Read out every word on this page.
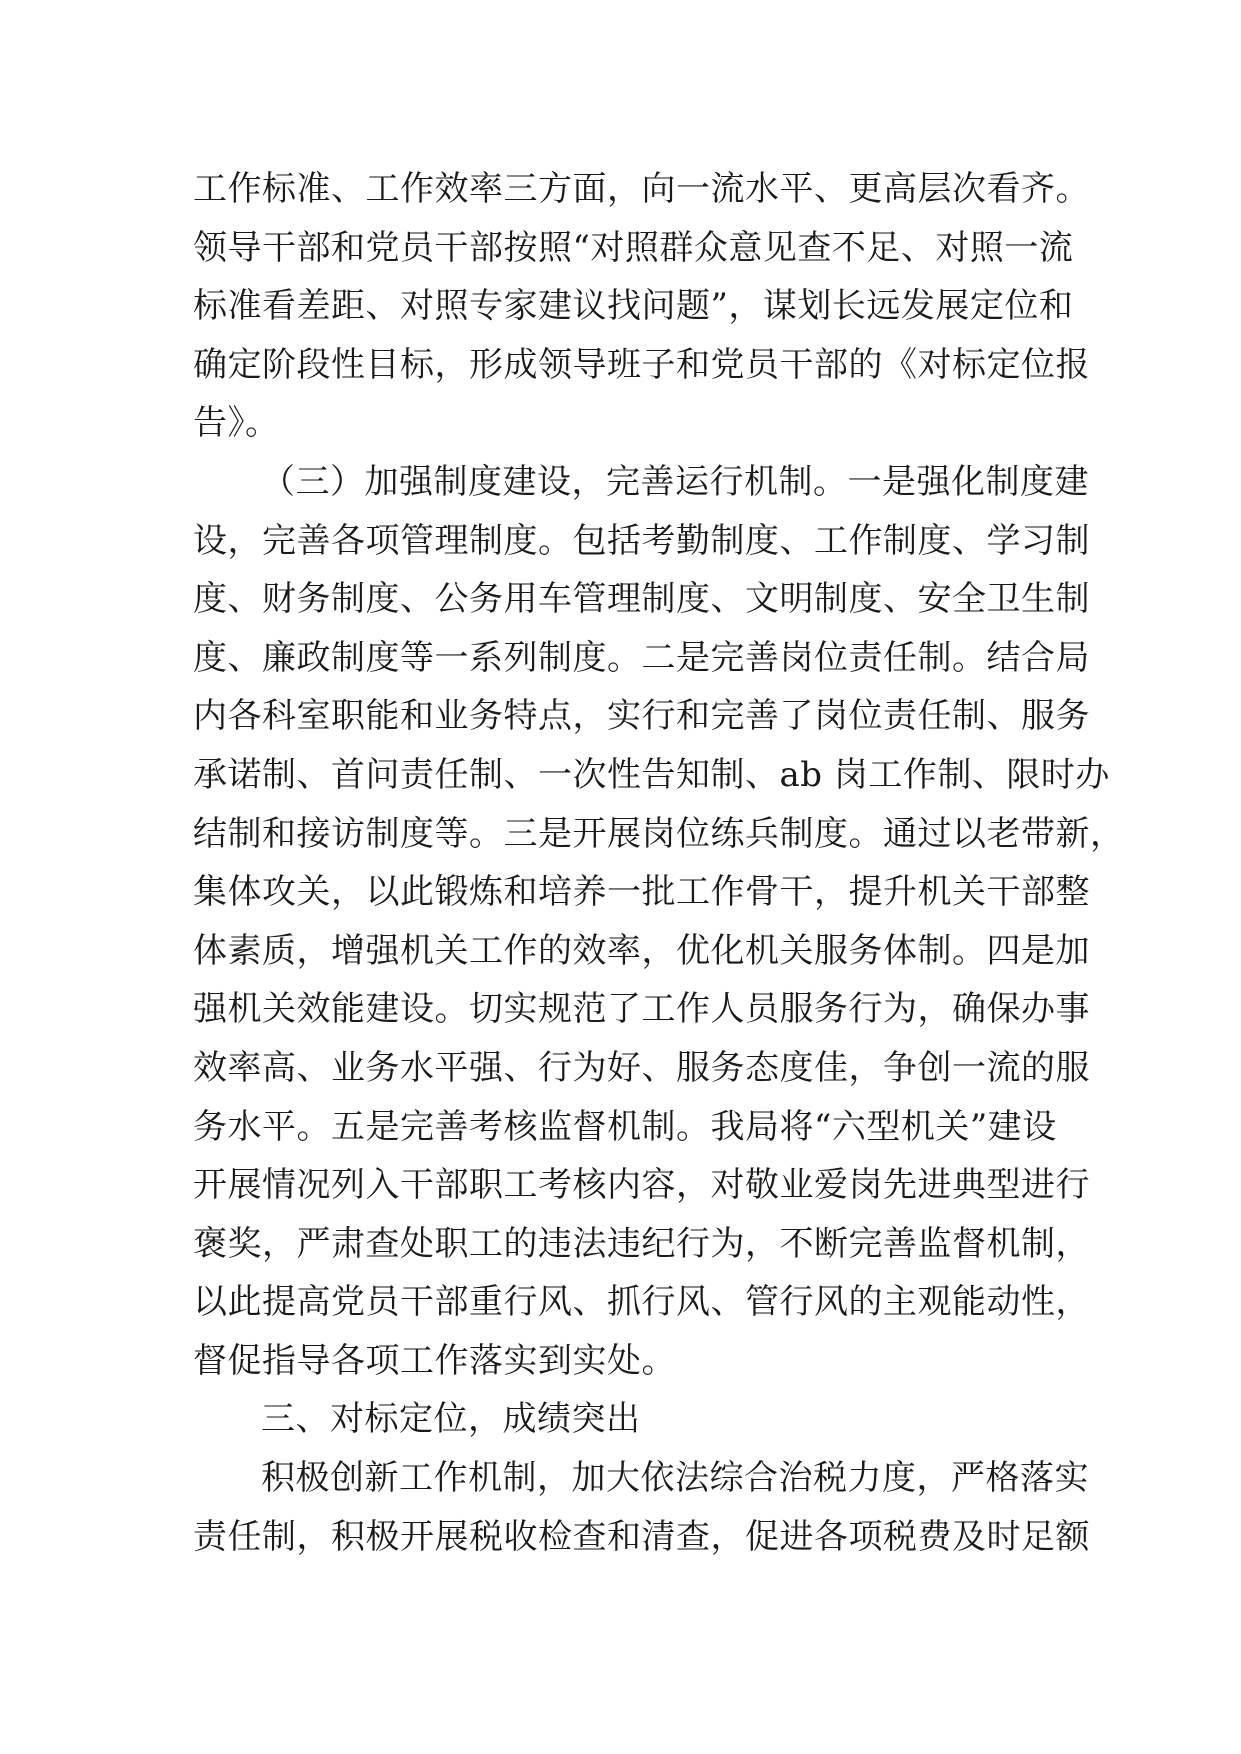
工作标准、工作效率三方面，向一流水平、更高层次看齐。
领导干部和党员干部按照“对照群众意见查不足、对照一流
标准看差距、对照专家建议找问题”，谋划长远发展定位和
确定阶段性目标，形成领导班子和党员干部的《对标定位报
告》。
（三）加强制度建设，完善运行机制。一是强化制度建
设，完善各项管理制度。包括考勤制度、工作制度、学习制
度、财务制度、公务用车管理制度、文明制度、安全卫生制
度、廉政制度等一系列制度。二是完善岗位责任制。结合局
内各科室职能和业务特点，实行和完善了岗位责任制、服务
承诺制、首问责任制、一次性告知制、ab 岗工作制、限时办
结制和接访制度等。三是开展岗位练兵制度。通过以老带新，
集体攻关，以此锻炼和培养一批工作骨干，提升机关干部整
体素质，增强机关工作的效率，优化机关服务体制。四是加
强机关效能建设。切实规范了工作人员服务行为，确保办事
效率高、业务水平强、行为好、服务态度佳，争创一流的服
务水平。五是完善考核监督机制。我局将“六型机关”建设
开展情况列入干部职工考核内容，对敬业爱岗先进典型进行
褒奖，严肃查处职工的违法违纪行为，不断完善监督机制，
以此提高党员干部重行风、抓行风、管行风的主观能动性，
督促指导各项工作落实到实处。
三、对标定位，成绩突出
积极创新工作机制，加大依法综合治税力度，严格落实
责任制，积极开展税收检查和清查，促进各项税费及时足额
